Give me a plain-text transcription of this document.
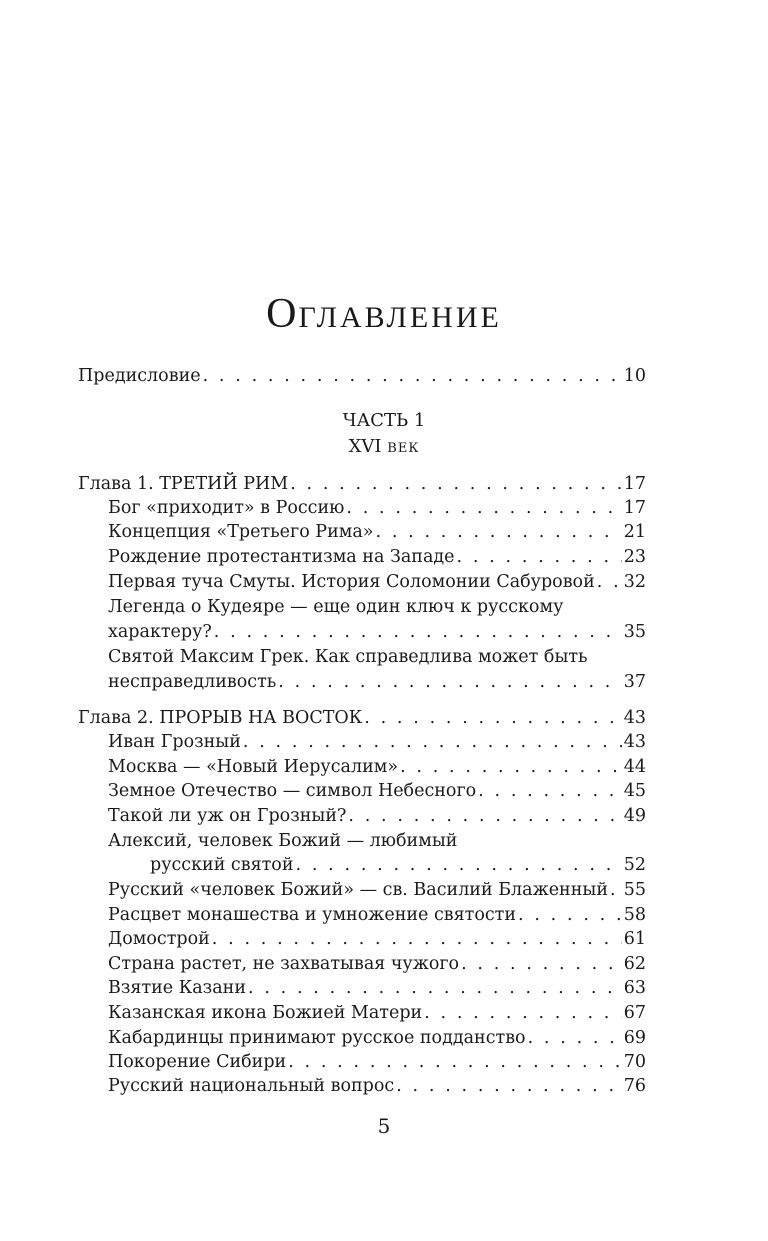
ОГЛАВЛЕНИЕ
Предисловие . . .	10
ЧАСТЬ 1
XVI ВЕК
Глава 1. ТРЕТИЙ РИМ . . .	17
Бог «приходит» в Россию . . .	17
Концепция «Третьего Рима» . . .	21
Рождение протестантизма на Западе . . .	23
Первая туча Смуты. История Соломонии Сабуровой . . . 32
Легенда о Кудеяре — еще один ключ к русскому
характеру? . . .	35
Святой Максим Грек. Как справедлива может быть
несправедливость . . .	37
Глава 2. ПРОРЫВ НА ВОСТОК . . .	43
Иван Грозный . . .	43
Москва — «Новый Иерусалим» . . .	44
Земное Отечество — символ Небесного . . .	45
Такой ли уж он Грозный? . . .	49
Алексий, человек Божий — любимый
русский святой . . .	52
Русский «человек Божий» — св. Василий Блаженный . . . 55
Расцвет монашества и умножение святости . . .	58
Домострой . . .	61
Страна растет, не захватывая чужого . . .	62
Взятие Казани . . .	63
Казанская икона Божией Матери . . .	67
Кабардинцы принимают русское подданство . . .	69
Покорение Сибири . . .	70
Русский национальный вопрос . . .	76
5
